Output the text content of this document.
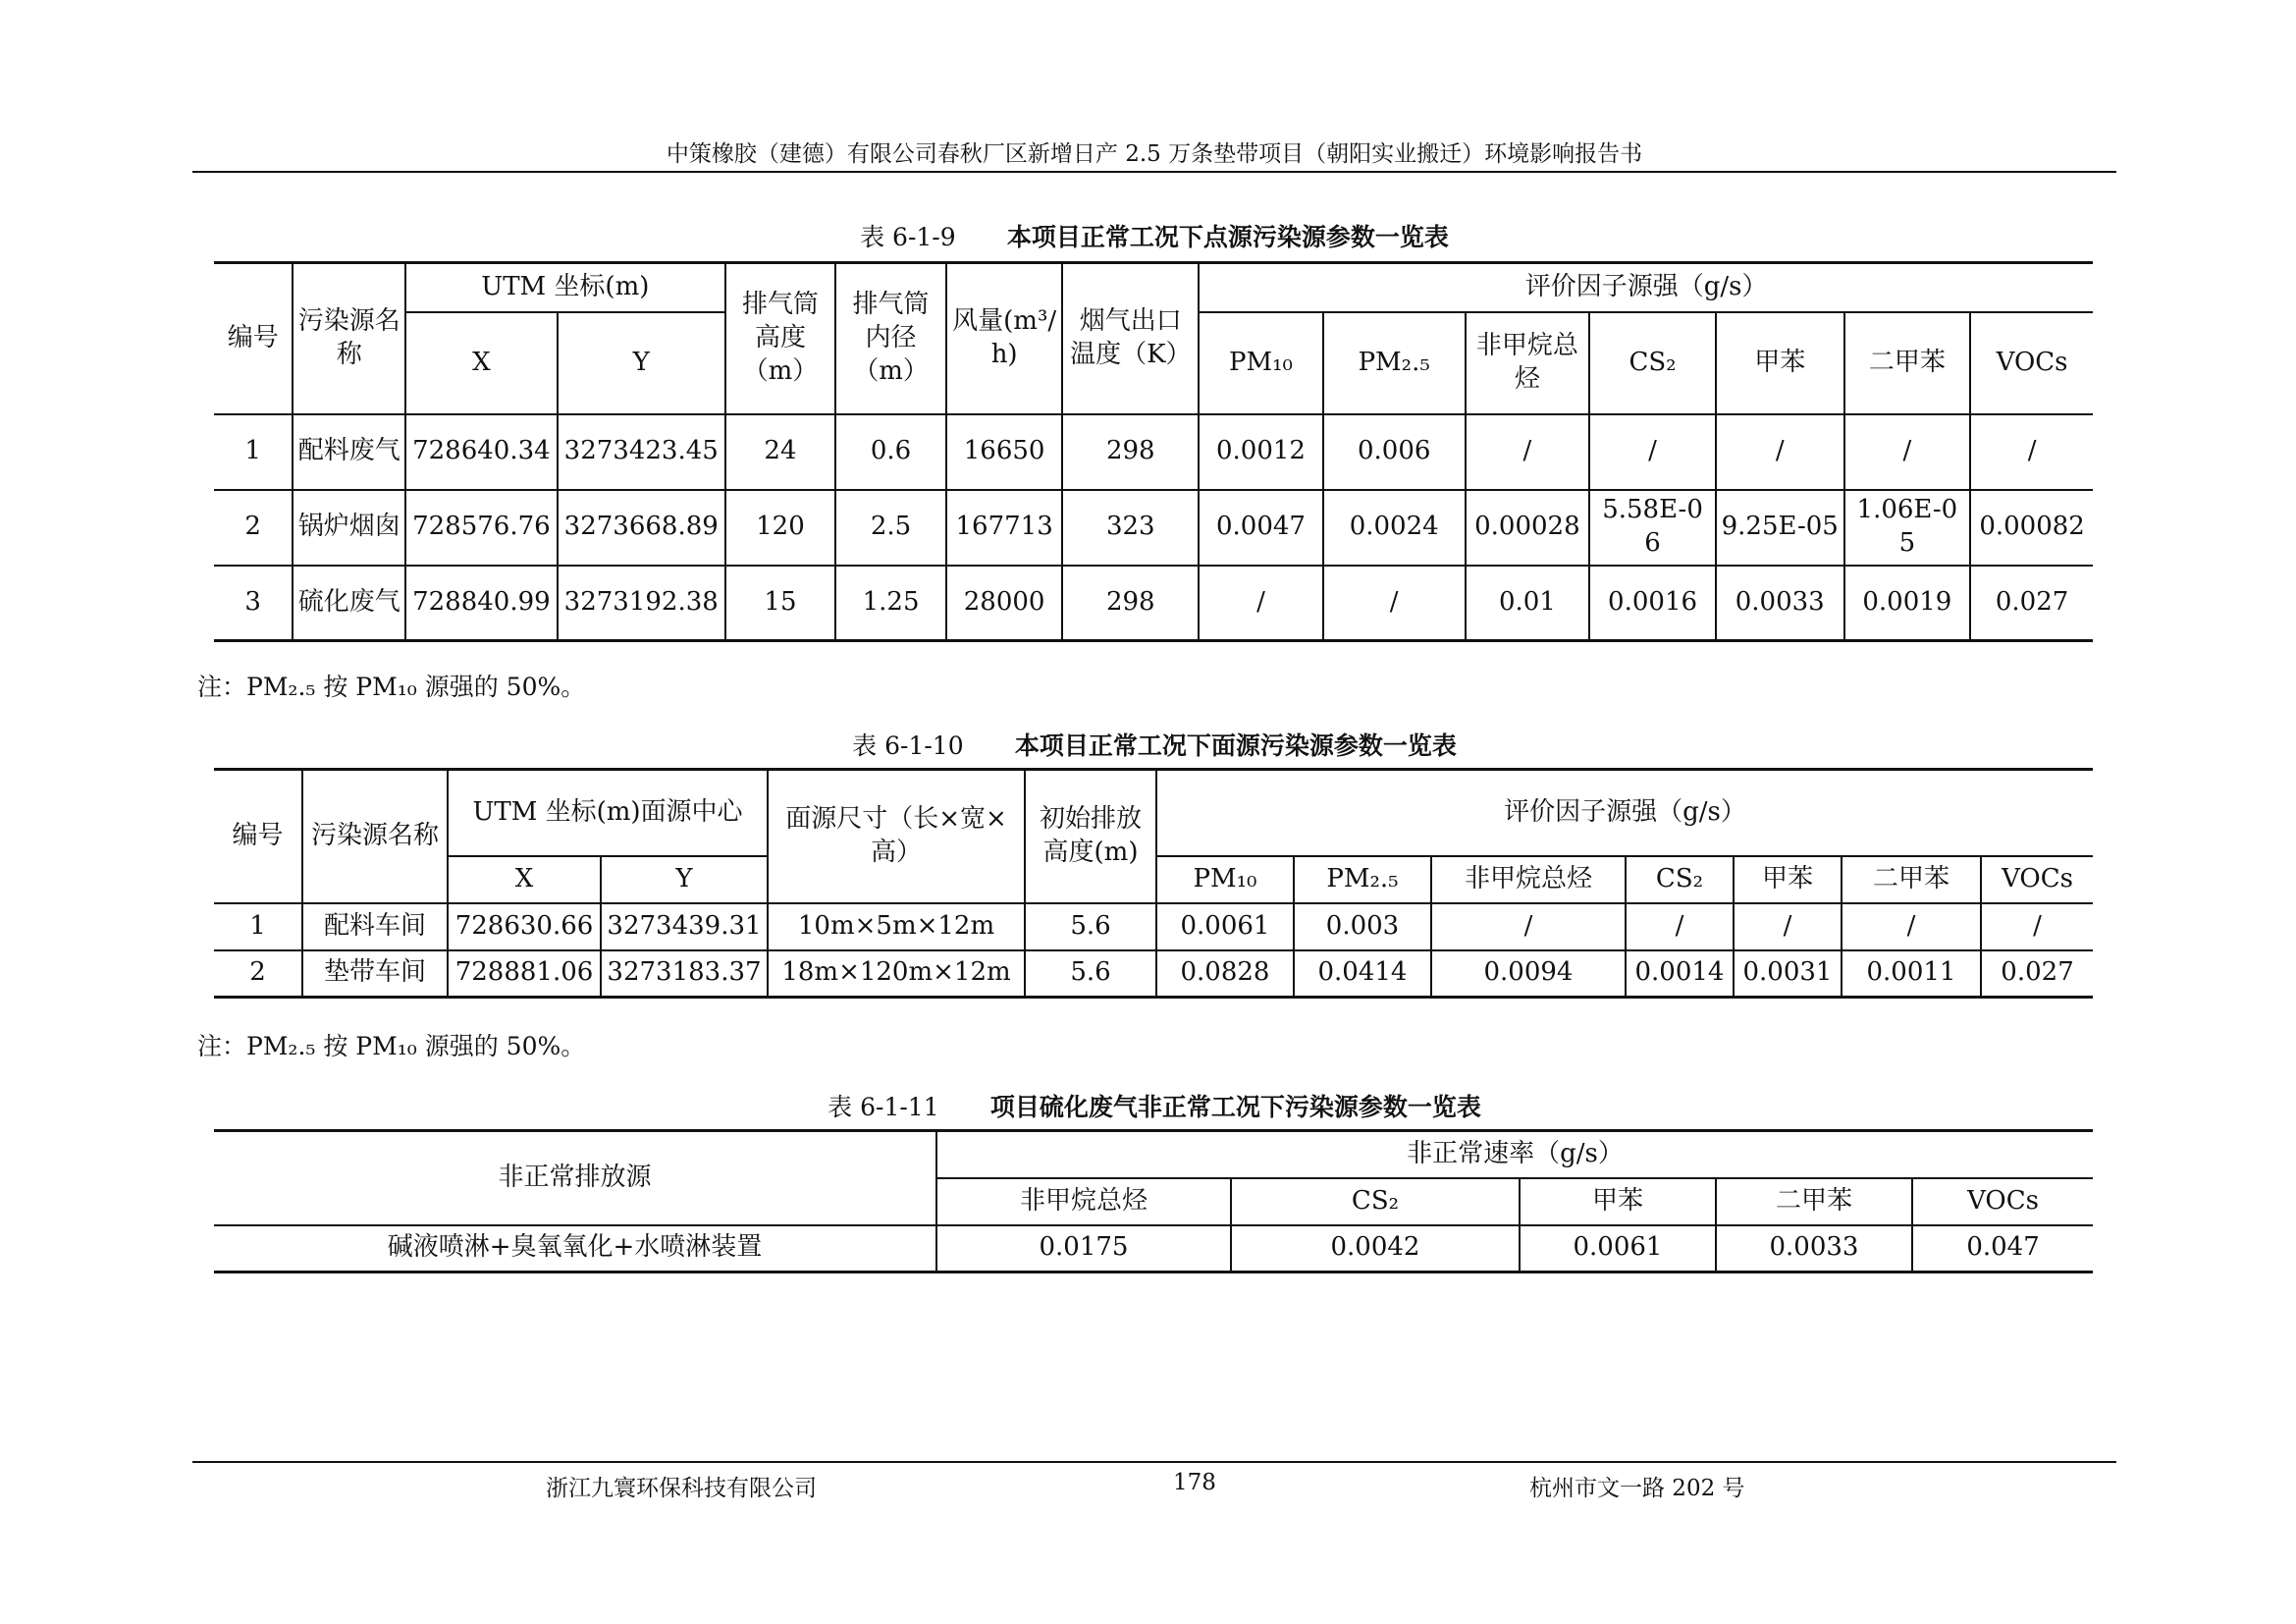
中策橡胶（建德）有限公司春秋厂区新增日产 2.5 万条垫带项目（朝阳实业搬迁）环境影响报告书
表 6-1-9 本项目正常工况下点源污染源参数一览表
编号	污染源名称	UTM 坐标(m)		排气筒高度（m）	排气筒内径（m）	风量(m³/h)	烟气出口温度（K）	评价因子源强（g/s）						
		X	Y					PM₁₀	PM₂.₅	非甲烷总烃	CS₂	甲苯	二甲苯	VOCs
1	配料废气	728640.34	3273423.45	24	0.6	16650	298	0.0012	0.006	/	/	/	/	/
2	锅炉烟囱	728576.76	3273668.89	120	2.5	167713	323	0.0047	0.0024	0.00028	5.58E-06	9.25E-05	1.06E-05	0.00082
3	硫化废气	728840.99	3273192.38	15	1.25	28000	298	/	/	0.01	0.0016	0.0033	0.0019	0.027
注：PM₂.₅ 按 PM₁₀ 源强的 50%。
表 6-1-10 本项目正常工况下面源污染源参数一览表
编号	污染源名称	UTM 坐标(m)面源中心		面源尺寸（长×宽×高）	初始排放高度(m)	评价因子源强（g/s）						
		X	Y			PM₁₀	PM₂.₅	非甲烷总烃	CS₂	甲苯	二甲苯	VOCs
1	配料车间	728630.66	3273439.31	10m×5m×12m	5.6	0.0061	0.003	/	/	/	/	/
2	垫带车间	728881.06	3273183.37	18m×120m×12m	5.6	0.0828	0.0414	0.0094	0.0014	0.0031	0.0011	0.027
注：PM₂.₅ 按 PM₁₀ 源强的 50%。
表 6-1-11 项目硫化废气非正常工况下污染源参数一览表
非正常排放源	非正常速率（g/s）				
	非甲烷总烃	CS₂	甲苯	二甲苯	VOCs
碱液喷淋+臭氧氧化+水喷淋装置	0.0175	0.0042	0.0061	0.0033	0.047
浙江九寰环保科技有限公司	178	杭州市文一路 202 号
